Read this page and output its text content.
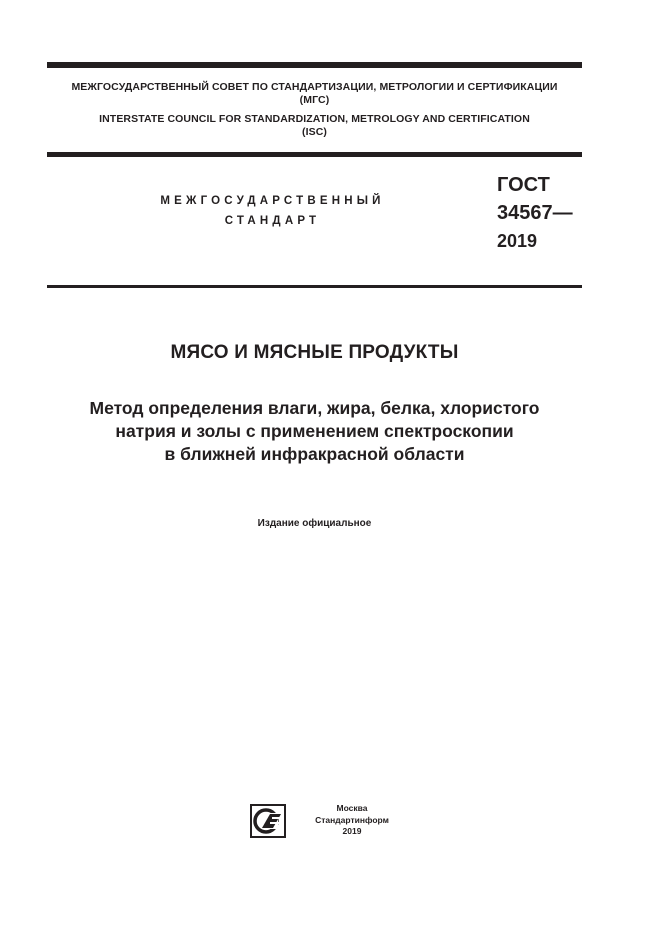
МЕЖГОСУДАРСТВЕННЫЙ СОВЕТ ПО СТАНДАРТИЗАЦИИ, МЕТРОЛОГИИ И СЕРТИФИКАЦИИ
(МГС)
INTERSTATE COUNCIL FOR STANDARDIZATION, METROLOGY AND CERTIFICATION
(ISC)
МЕЖГОСУДАРСТВЕННЫЙ
СТАНДАРТ
ГОСТ
34567—
2019
МЯСО И МЯСНЫЕ ПРОДУКТЫ
Метод определения влаги, жира, белка, хлористого
натрия и золы с применением спектроскопии
в ближней инфракрасной области
Издание официальное
Москва
Стандартинформ
2019
